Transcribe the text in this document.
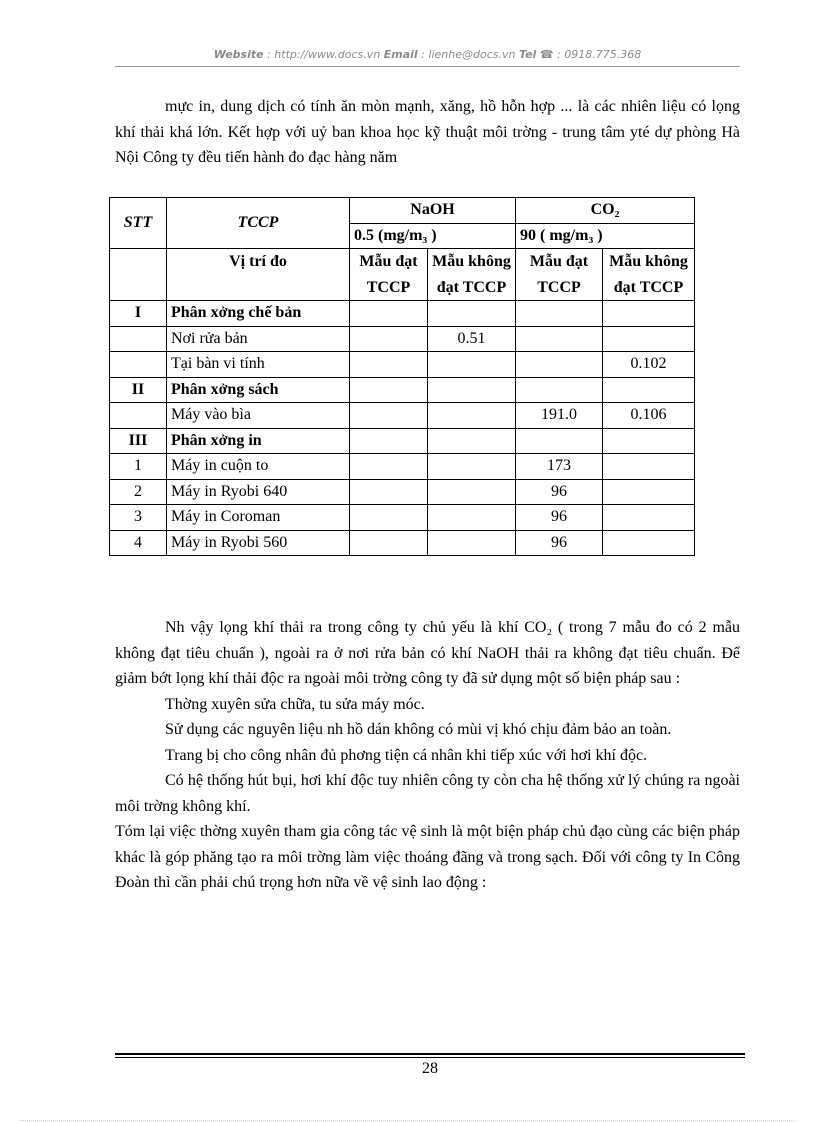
Website : http://www.docs.vn Email : lienhe@docs.vn Tel ☎ : 0918.775.368
mực in, dung dịch có tính ăn mòn mạnh, xăng, hồ hỗn hợp ... là các nhiên liệu có lọng khí thải khá lớn. Kết hợp với uỷ ban khoa học kỹ thuật môi trờng - trung tâm yté dự phòng Hà Nội Công ty đều tiến hành đo đạc hàng năm
STT	TCCP	NaOH		CO₂	
		0.5 (mg/m₃ )		90 ( mg/m₃ )	
	Vị trí đo	Mẫu đạt TCCP	Mẫu không đạt TCCP	Mẫu đạt TCCP	Mẫu không đạt TCCP
I	Phân xởng chế bản				
	Nơi rửa bản		0.51		
	Tại bàn vi tính				0.102
II	Phân xởng sách				
	Máy vào bìa			191.0	0.106
III	Phân xởng in				
1	Máy in cuộn to			173	
2	Máy in Ryobi 640			96	
3	Máy in Coroman			96	
4	Máy in Ryobi 560			96	

Nh vậy lọng khí thải ra trong công ty chủ yếu là khí CO₂ ( trong 7 mẫu đo có 2 mẫu không đạt tiêu chuẩn ), ngoài ra ở nơi rửa bản có khí NaOH thải ra không đạt tiêu chuẩn. Để giảm bớt lọng khí thải độc ra ngoài môi trờng công ty đã sử dụng một số biện pháp sau :

Thờng xuyên sửa chữa, tu sửa máy móc.

Sử dụng các nguyên liệu nh hồ dán không có mùi vị khó chịu đảm bảo an toàn.

Trang bị cho công nhân đủ phơng tiện cá nhân khi tiếp xúc với hơi khí độc.

Có hệ thống hút bụi, hơi khí độc tuy nhiên công ty còn cha hệ thống xử lý chúng ra ngoài môi trờng không khí.

Tóm lại việc thờng xuyên tham gia công tác vệ sinh là một biện pháp chủ đạo cùng các biện pháp khác là góp phăng tạo ra môi trờng làm việc thoáng đãng và trong sạch. Đối với công ty In Công Đoàn thì cần phải chú trọng hơn nữa về vệ sinh lao động :

28
